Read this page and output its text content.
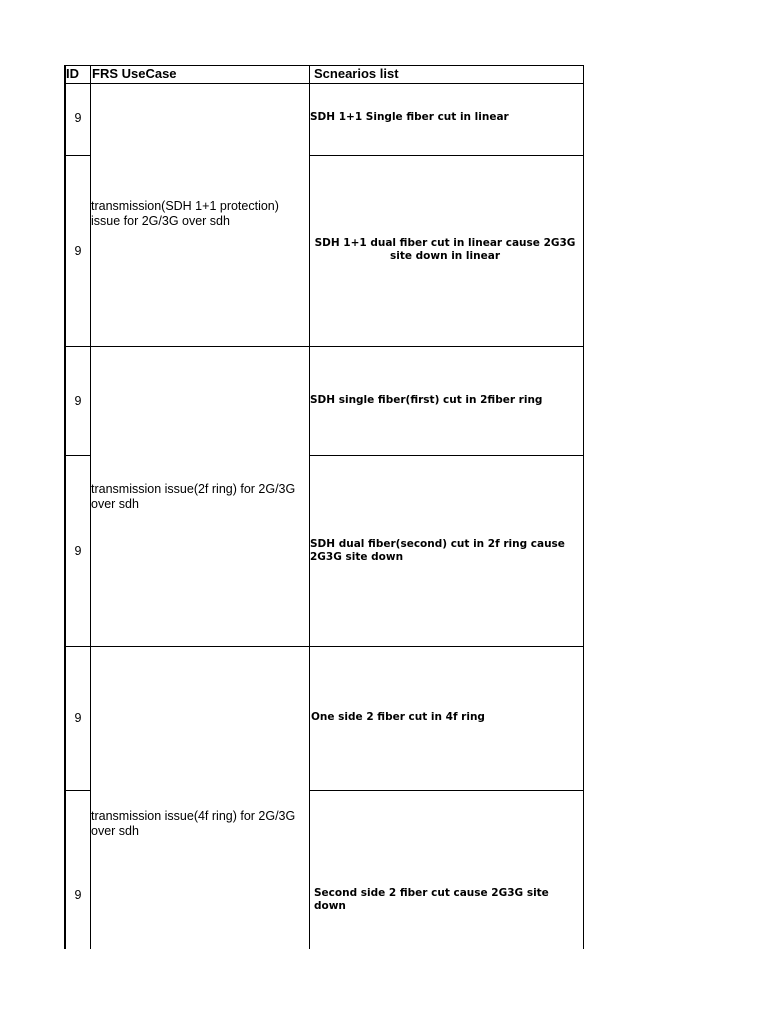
ID	FRS UseCase	Scnearios list
9
9
9
9
9
9
transmission(SDH 1+1 protection) issue for 2G/3G over sdh
transmission issue(2f ring) for 2G/3G over sdh
transmission issue(4f ring) for 2G/3G over sdh
SDH 1+1 Single fiber cut in linear
SDH 1+1 dual fiber cut in linear cause 2G3G site down in linear
SDH single fiber(first) cut in 2fiber ring
SDH dual fiber(second) cut in 2f ring cause 2G3G site down
One side 2 fiber cut in 4f ring
Second side 2 fiber cut cause 2G3G site down
